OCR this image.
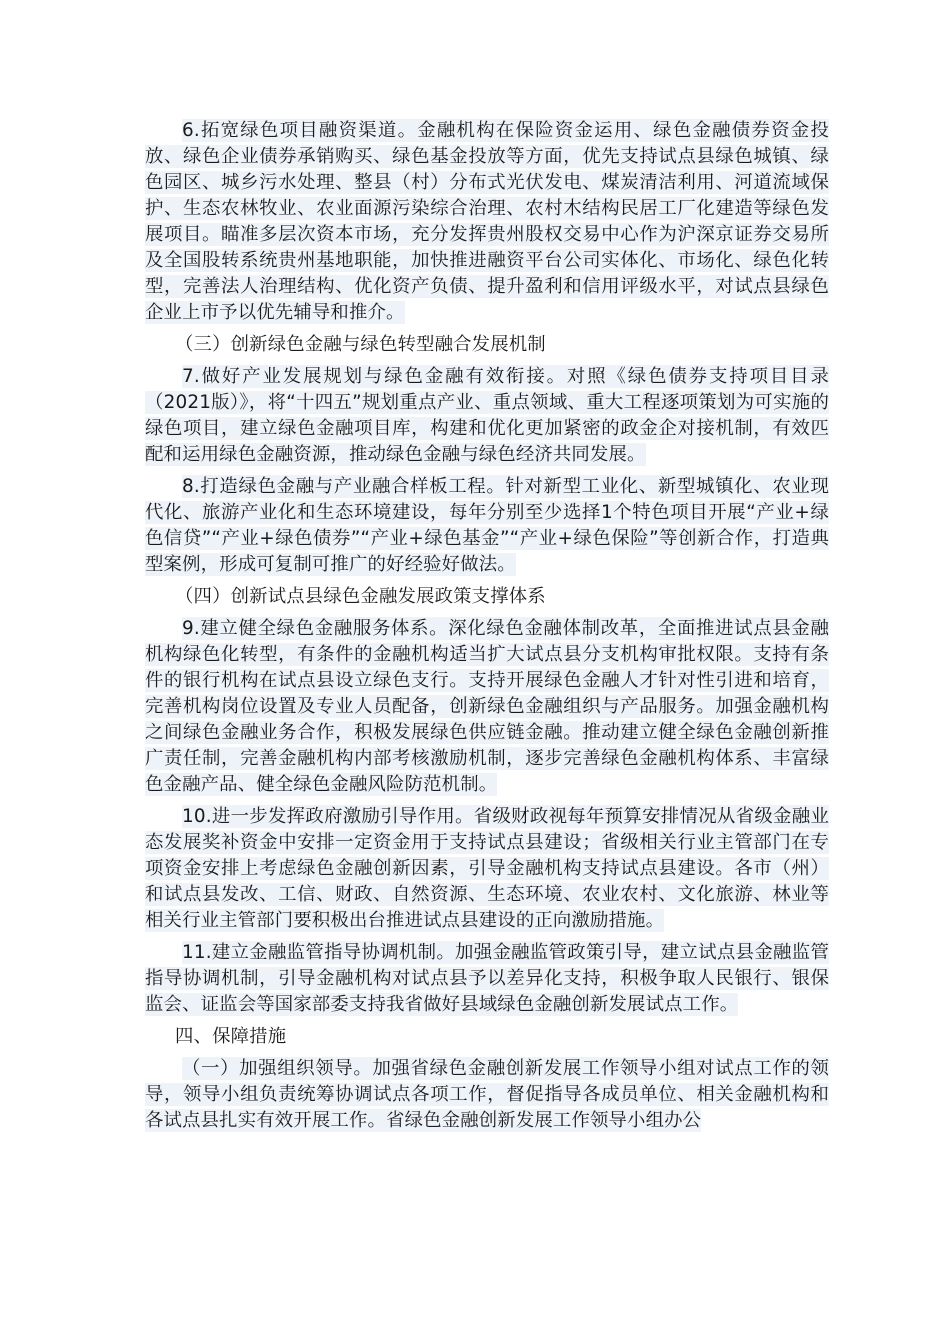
6.拓宽绿色项目融资渠道。金融机构在保险资金运用、绿色金融债券资金投放、绿色企业债券承销购买、绿色基金投放等方面，优先支持试点县绿色城镇、绿色园区、城乡污水处理、整县（村）分布式光伏发电、煤炭清洁利用、河道流域保护、生态农林牧业、农业面源污染综合治理、农村木结构民居工厂化建造等绿色发展项目。瞄准多层次资本市场，充分发挥贵州股权交易中心作为沪深京证券交易所及全国股转系统贵州基地职能，加快推进融资平台公司实体化、市场化、绿色化转型，完善法人治理结构、优化资产负债、提升盈利和信用评级水平，对试点县绿色企业上市予以优先辅导和推介。

（三）创新绿色金融与绿色转型融合发展机制

7.做好产业发展规划与绿色金融有效衔接。对照《绿色债券支持项目目录（2021版）》，将“十四五”规划重点产业、重点领域、重大工程逐项策划为可实施的绿色项目，建立绿色金融项目库，构建和优化更加紧密的政金企对接机制，有效匹配和运用绿色金融资源，推动绿色金融与绿色经济共同发展。

8.打造绿色金融与产业融合样板工程。针对新型工业化、新型城镇化、农业现代化、旅游产业化和生态环境建设，每年分别至少选择1个特色项目开展“产业+绿色信贷”“产业+绿色债券”“产业+绿色基金”“产业+绿色保险”等创新合作，打造典型案例，形成可复制可推广的好经验好做法。

（四）创新试点县绿色金融发展政策支撑体系

9.建立健全绿色金融服务体系。深化绿色金融体制改革，全面推进试点县金融机构绿色化转型，有条件的金融机构适当扩大试点县分支机构审批权限。支持有条件的银行机构在试点县设立绿色支行。支持开展绿色金融人才针对性引进和培育，完善机构岗位设置及专业人员配备，创新绿色金融组织与产品服务。加强金融机构之间绿色金融业务合作，积极发展绿色供应链金融。推动建立健全绿色金融创新推广责任制，完善金融机构内部考核激励机制，逐步完善绿色金融机构体系、丰富绿色金融产品、健全绿色金融风险防范机制。

10.进一步发挥政府激励引导作用。省级财政视每年预算安排情况从省级金融业态发展奖补资金中安排一定资金用于支持试点县建设；省级相关行业主管部门在专项资金安排上考虑绿色金融创新因素，引导金融机构支持试点县建设。各市（州）和试点县发改、工信、财政、自然资源、生态环境、农业农村、文化旅游、林业等相关行业主管部门要积极出台推进试点县建设的正向激励措施。

11.建立金融监管指导协调机制。加强金融监管政策引导，建立试点县金融监管指导协调机制，引导金融机构对试点县予以差异化支持，积极争取人民银行、银保监会、证监会等国家部委支持我省做好县域绿色金融创新发展试点工作。

四、保障措施

（一）加强组织领导。加强省绿色金融创新发展工作领导小组对试点工作的领导，领导小组负责统筹协调试点各项工作，督促指导各成员单位、相关金融机构和各试点县扎实有效开展工作。省绿色金融创新发展工作领导小组办公
